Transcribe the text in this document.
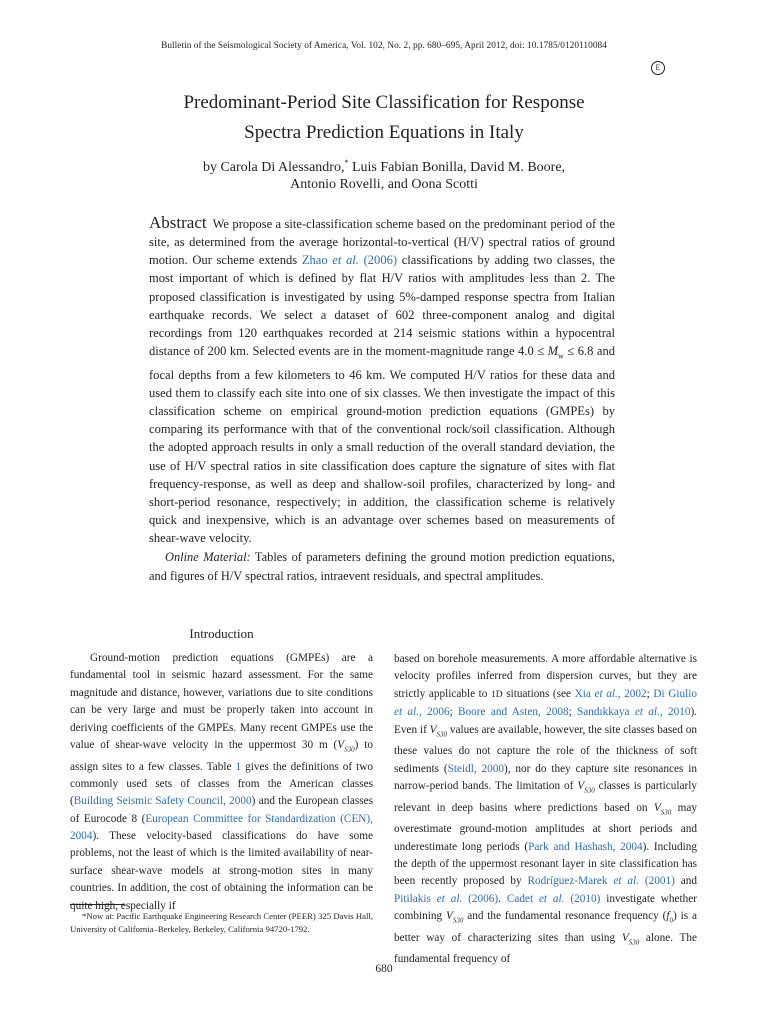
Bulletin of the Seismological Society of America, Vol. 102, No. 2, pp. 680–695, April 2012, doi: 10.1785/0120110084
E
Predominant-Period Site Classification for Response
Spectra Prediction Equations in Italy
by Carola Di Alessandro,* Luis Fabian Bonilla, David M. Boore,
Antonio Rovelli, and Oona Scotti

Abstract We propose a site-classification scheme based on the predominant period of the site, as determined from the average horizontal-to-vertical (H/V) spectral ratios of ground motion. Our scheme extends Zhao et al. (2006) classifications by adding two classes, the most important of which is defined by flat H/V ratios with amplitudes less than 2. The proposed classification is investigated by using 5%-damped response spectra from Italian earthquake records. We select a dataset of 602 three-component analog and digital recordings from 120 earthquakes recorded at 214 seismic stations within a hypocentral distance of 200 km. Selected events are in the moment-magnitude range $4.0 \le M_w \le 6.8$ and focal depths from a few kilometers to 46 km. We computed H/V ratios for these data and used them to classify each site into one of six classes. We then investigate the impact of this classification scheme on empirical ground-motion prediction equations (GMPEs) by comparing its performance with that of the conventional rock/soil classification. Although the adopted approach results in only a small reduction of the overall standard deviation, the use of H/V spectral ratios in site classification does capture the signature of sites with flat frequency-response, as well as deep and shallow-soil profiles, characterized by long- and short-period resonance, respectively; in addition, the classification scheme is relatively quick and inexpensive, which is an advantage over schemes based on measurements of shear-wave velocity.

Online Material: Tables of parameters defining the ground motion prediction equations, and figures of H/V spectral ratios, intraevent residuals, and spectral amplitudes.

Introduction

Ground-motion prediction equations (GMPEs) are a fundamental tool in seismic hazard assessment. For the same magnitude and distance, however, variations due to site conditions can be very large and must be properly taken into account in deriving coefficients of the GMPEs. Many recent GMPEs use the value of shear-wave velocity in the uppermost 30 m $(V_{S30})$ to assign sites to a few classes. Table 1 gives the definitions of two commonly used sets of classes from the American classes (Building Seismic Safety Council, 2000) and the European classes of Eurocode 8 (European Committee for Standardization (CEN), 2004). These velocity-based classifications do have some problems, not the least of which is the limited availability of near-surface shear-wave models at strong-motion sites in many countries. In addition, the cost of obtaining the information can be quite high, especially if

based on borehole measurements. A more affordable alternative is velocity profiles inferred from dispersion curves, but they are strictly applicable to 1D situations (see Xia et al., 2002; Di Giulio et al., 2006; Boore and Asten, 2008; Sandıkkaya et al., 2010). Even if $V_{S30}$ values are available, however, the site classes based on these values do not capture the role of the thickness of soft sediments (Steidl, 2000), nor do they capture site resonances in narrow-period bands. The limitation of $V_{S30}$ classes is particularly relevant in deep basins where predictions based on $V_{S30}$ may overestimate ground-motion amplitudes at short periods and underestimate long periods (Park and Hashash, 2004). Including the depth of the uppermost resonant layer in site classification has been recently proposed by Rodríguez-Marek et al. (2001) and Pitilakis et al. (2006). Cadet et al. (2010) investigate whether combining $V_{S30}$ and the fundamental resonance frequency $(f_0)$ is a better way of characterizing sites than using $V_{S30}$ alone. The fundamental frequency of

*Now at: Pacific Earthquake Engineering Research Center (PEER) 325 Davis Hall, University of California–Berkeley, Berkeley, California 94720-1792.

680
